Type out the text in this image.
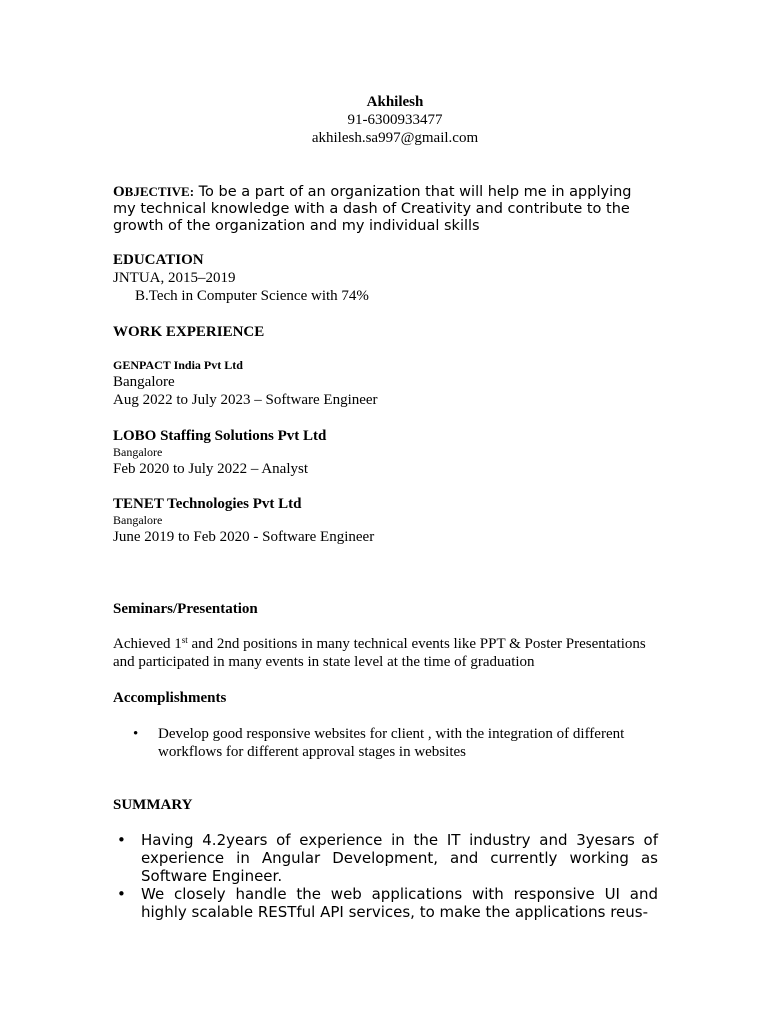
Akhilesh
91-6300933477
akhilesh.sa997@gmail.com
OBJECTIVE: To be a part of an organization that will help me in applying my technical knowledge with a dash of Creativity and contribute to the growth of the organization and my individual skills
EDUCATION
JNTUA, 2015–2019
B.Tech in Computer Science with 74%
WORK EXPERIENCE
GENPACT India Pvt Ltd
Bangalore
Aug 2022 to July 2023 – Software Engineer
LOBO Staffing Solutions Pvt Ltd
Bangalore
Feb 2020 to July 2022 – Analyst
TENET Technologies Pvt Ltd
Bangalore
June 2019 to Feb 2020 - Software Engineer
Seminars/Presentation
Achieved 1st and 2nd positions in many technical events like PPT & Poster Presentations and participated in many events in state level at the time of graduation
Accomplishments
• Develop good responsive websites for client , with the integration of different workflows for different approval stages in websites
SUMMARY
• Having 4.2years of experience in the IT industry and 3yesars of experience in Angular Development, and currently working as Software Engineer.
• We closely handle the web applications with responsive UI and highly scalable RESTful API services, to make the applications reus-
